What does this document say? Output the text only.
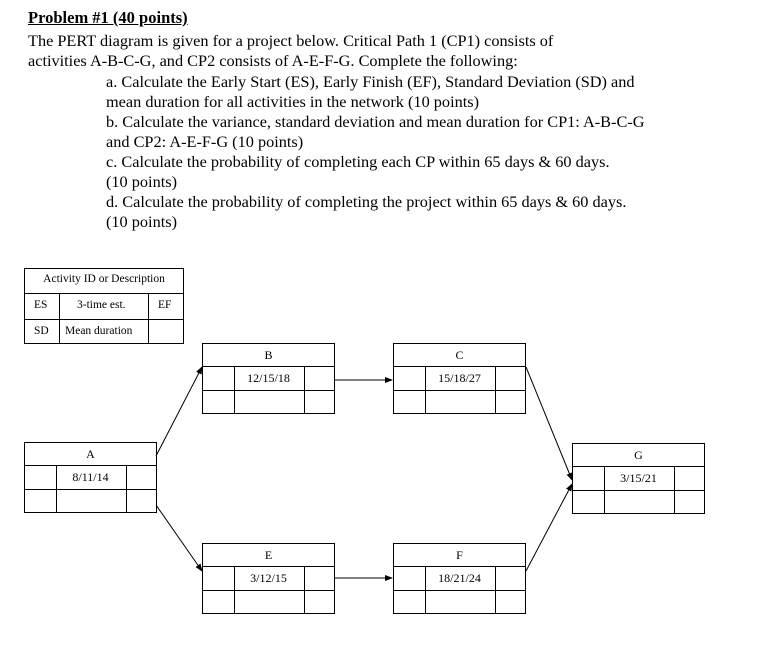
Problem #1 (40 points)
The PERT diagram is given for a project below. Critical Path 1 (CP1) consists of
activities A-B-C-G, and CP2 consists of A-E-F-G. Complete the following:
a. Calculate the Early Start (ES), Early Finish (EF), Standard Deviation (SD) and
mean duration for all activities in the network (10 points)
b. Calculate the variance, standard deviation and mean duration for CP1: A-B-C-G
and CP2: A-E-F-G (10 points)
c. Calculate the probability of completing each CP within 65 days & 60 days.
(10 points)
d. Calculate the probability of completing the project within 65 days & 60 days.
(10 points)
Activity ID or Description
ES	3-time est.	EF
SD Mean duration
A
8/11/14
B
12/15/18
C
15/18/27
E
3/12/15
F
18/21/24
G
3/15/21
